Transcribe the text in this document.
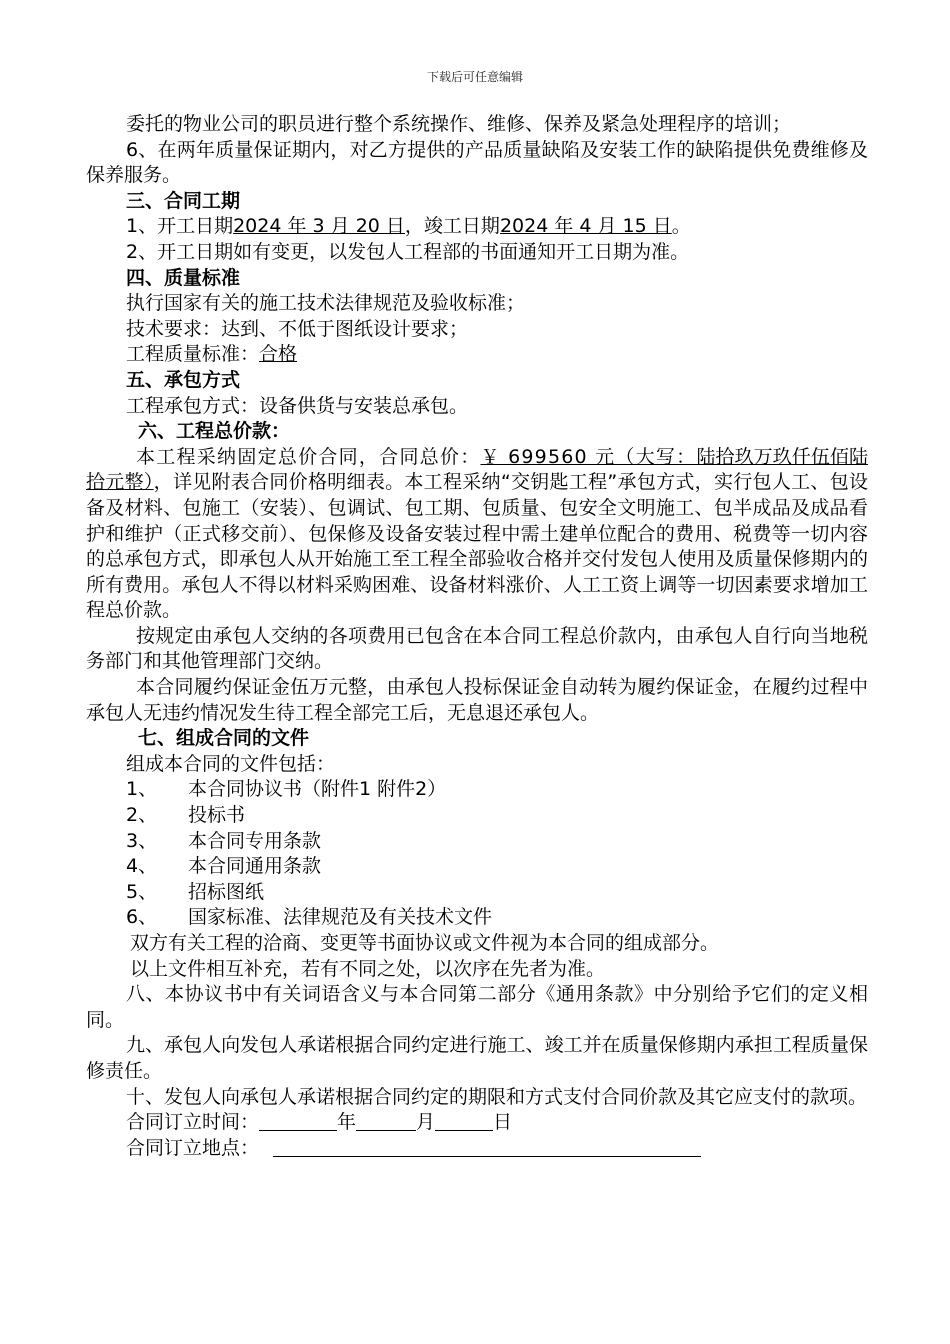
下载后可任意编辑

委托的物业公司的职员进行整个系统操作、维修、保养及紧急处理程序的培训；

6、在两年质量保证期内，对乙方提供的产品质量缺陷及安装工作的缺陷提供免费维修及保养服务。

三、合同工期

1、开工日期2024 年 3 月 20 日，竣工日期2024 年 4 月 15 日。

2、开工日期如有变更，以发包人工程部的书面通知开工日期为准。

四、质量标准

执行国家有关的施工技术法律规范及验收标准；

技术要求：达到、不低于图纸设计要求；

工程质量标准：合格

五、承包方式

工程承包方式：设备供货与安装总承包。

六、工程总价款：

本工程采纳固定总价合同，合同总价：￥ 699560 元（大写：陆拾玖万玖仟伍佰陆拾元整），详见附表合同价格明细表。本工程采纳“交钥匙工程”承包方式，实行包人工、包设备及材料、包施工（安装）、包调试、包工期、包质量、包安全文明施工、包半成品及成品看护和维护（正式移交前）、包保修及设备安装过程中需土建单位配合的费用、税费等一切内容的总承包方式，即承包人从开始施工至工程全部验收合格并交付发包人使用及质量保修期内的所有费用。承包人不得以材料采购困难、设备材料涨价、人工工资上调等一切因素要求增加工程总价款。

按规定由承包人交纳的各项费用已包含在本合同工程总价款内，由承包人自行向当地税务部门和其他管理部门交纳。

本合同履约保证金伍万元整，由承包人投标保证金自动转为履约保证金，在履约过程中承包人无违约情况发生待工程全部完工后，无息退还承包人。

七、组成合同的文件

组成本合同的文件包括：

1、 本合同协议书（附件1 附件2）
2、 投标书
3、 本合同专用条款
4、 本合同通用条款
5、 招标图纸
6、 国家标准、法律规范及有关技术文件

双方有关工程的洽商、变更等书面协议或文件视为本合同的组成部分。

以上文件相互补充，若有不同之处，以次序在先者为准。

八、本协议书中有关词语含义与本合同第二部分《通用条款》中分别给予它们的定义相同。

九、承包人向发包人承诺根据合同约定进行施工、竣工并在质量保修期内承担工程质量保修责任。

十、发包人向承包人承诺根据合同约定的期限和方式支付合同价款及其它应支付的款项。

合同订立时间：	年	月	日

合同订立地点：
